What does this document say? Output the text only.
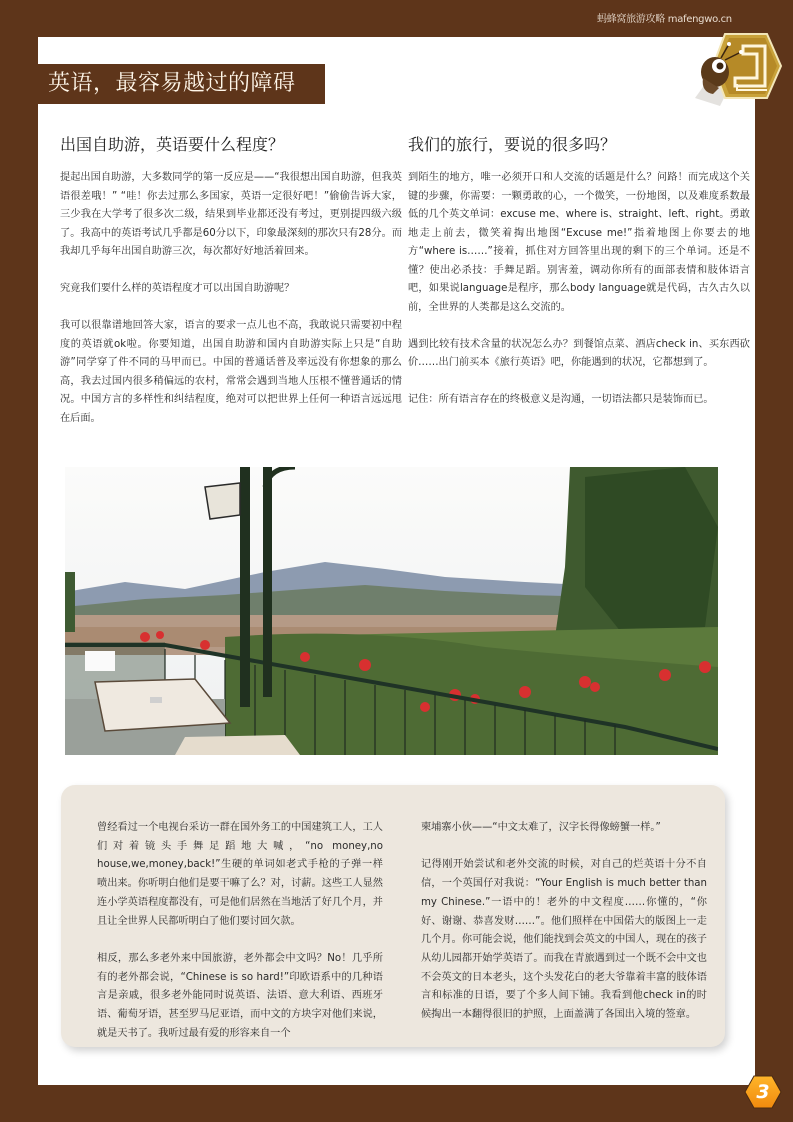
蚂蜂窝旅游攻略 mafengwo.cn
英语，最容易越过的障碍
出国自助游，英语要什么程度？

提起出国自助游，大多数同学的第一反应是——“我很想出国自助游，但我英语很差哦！” “哇！你去过那么多国家，英语一定很好吧！”偷偷告诉大家，三少我在大学考了很多次二级，结果到毕业都还没有考过，更别提四级六级了。我高中的英语考试几乎都是60分以下，印象最深刻的那次只有28分。而我却几乎每年出国自助游三次，每次都好好地活着回来。

究竟我们要什么样的英语程度才可以出国自助游呢？

我可以很靠谱地回答大家，语言的要求一点儿也不高，我敢说只需要初中程度的英语就ok啦。你要知道，出国自助游和国内自助游实际上只是“自助游”同学穿了件不同的马甲而已。中国的普通话普及率远没有你想象的那么高，我去过国内很多稍偏远的农村，常常会遇到当地人压根不懂普通话的情况。中国方言的多样性和纠结程度，绝对可以把世界上任何一种语言远远甩在后面。

我们的旅行，要说的很多吗？

到陌生的地方，唯一必须开口和人交流的话题是什么？问路！而完成这个关键的步骤，你需要：一颗勇敢的心，一个微笑，一份地图，以及难度系数最低的几个英文单词：excuse me、where is、straight、left、right。勇敢地走上前去，微笑着掏出地图“Excuse me!”指着地图上你要去的地方“where is……”接着，抓住对方回答里出现的剩下的三个单词。还是不懂？使出必杀技：手舞足蹈。别害羞，调动你所有的面部表情和肢体语言吧，如果说language是程序，那么body language就是代码，古久古久以前，全世界的人类都是这么交流的。

遇到比较有技术含量的状况怎么办？到餐馆点菜、酒店check in、买东西砍价……出门前买本《旅行英语》吧，你能遇到的状况，它都想到了。

记住：所有语言存在的终极意义是沟通，一切语法都只是装饰而已。

曾经看过一个电视台采访一群在国外务工的中国建筑工人，工人们对着镜头手舞足蹈地大喊，“no money,no house,we,money,back!”生硬的单词如老式手枪的子弹一样喷出来。你听明白他们是要干嘛了么？对，讨薪。这些工人显然连小学英语程度都没有，可是他们居然在当地活了好几个月，并且让全世界人民都听明白了他们要讨回欠款。

相反，那么多老外来中国旅游，老外都会中文吗？No！几乎所有的老外都会说，“Chinese is so hard!”印欧语系中的几种语言是亲戚，很多老外能同时说英语、法语、意大利语、西班牙语、葡萄牙语，甚至罗马尼亚语，而中文的方块字对他们来说，就是天书了。我听过最有爱的形容来自一个

柬埔寨小伙——“中文太难了，汉字长得像螃蟹一样。”

记得刚开始尝试和老外交流的时候，对自己的烂英语十分不自信，一个英国仔对我说：“Your English is much better than my Chinese.”一语中的！老外的中文程度……你懂的，“你好、谢谢、恭喜发财……”。他们照样在中国偌大的版图上一走几个月。你可能会说，他们能找到会英文的中国人，现在的孩子从幼儿园都开始学英语了。而我在青旅遇到过一个既不会中文也不会英文的日本老头，这个头发花白的老大爷靠着丰富的肢体语言和标准的日语，要了个多人间下铺。我看到他check in的时候掏出一本翻得很旧的护照，上面盖满了各国出入境的签章。

3
